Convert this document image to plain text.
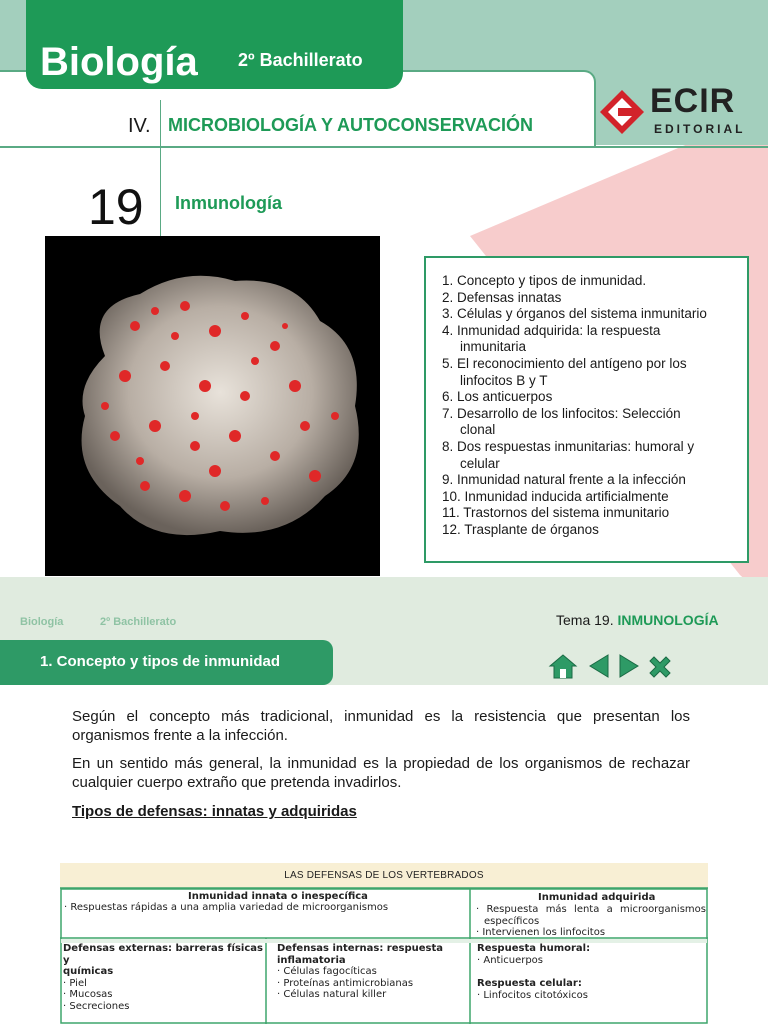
Biología 2º Bachillerato
IV. MICROBIOLOGÍA Y AUTOCONSERVACIÓN
ECIR
EDITORIAL
19 Inmunología
1. Concepto y tipos de inmunidad.
2. Defensas innatas
3. Células y órganos del sistema inmunitario
4. Inmunidad adquirida: la respuesta
inmunitaria
5. El reconocimiento del antígeno por los
linfocitos B y T
6. Los anticuerpos
7. Desarrollo de los linfocitos: Selección
clonal
8. Dos respuestas inmunitarias: humoral y
celular
9. Inmunidad natural frente a la infección
10. Inmunidad inducida artificialmente
11. Trastornos del sistema inmunitario
12. Trasplante de órganos
Biología	2º Bachillerato	Tema 19. INMUNOLOGÍA
1. Concepto y tipos de inmunidad
Según el concepto más tradicional, inmunidad es la resistencia que presentan los organismos frente a la infección.
En un sentido más general, la inmunidad es la propiedad de los organismos de rechazar cualquier cuerpo extraño que pretenda invadirlos.
Tipos de defensas: innatas y adquiridas
LAS DEFENSAS DE LOS VERTEBRADOS
Inmunidad innata o inespecífica
· Respuestas rápidas a una amplia variedad de microorganismos
Inmunidad adquirida
· Respuesta más lenta a microorganismos
específicos
· Intervienen los linfocitos
Defensas externas: barreras físicas y
químicas
· Piel
· Mucosas
· Secreciones
Defensas internas: respuesta
inflamatoria
· Células fagocíticas
· Proteínas antimicrobianas
· Células natural killer
Respuesta humoral:
· Anticuerpos
Respuesta celular:
· Linfocitos citotóxicos
